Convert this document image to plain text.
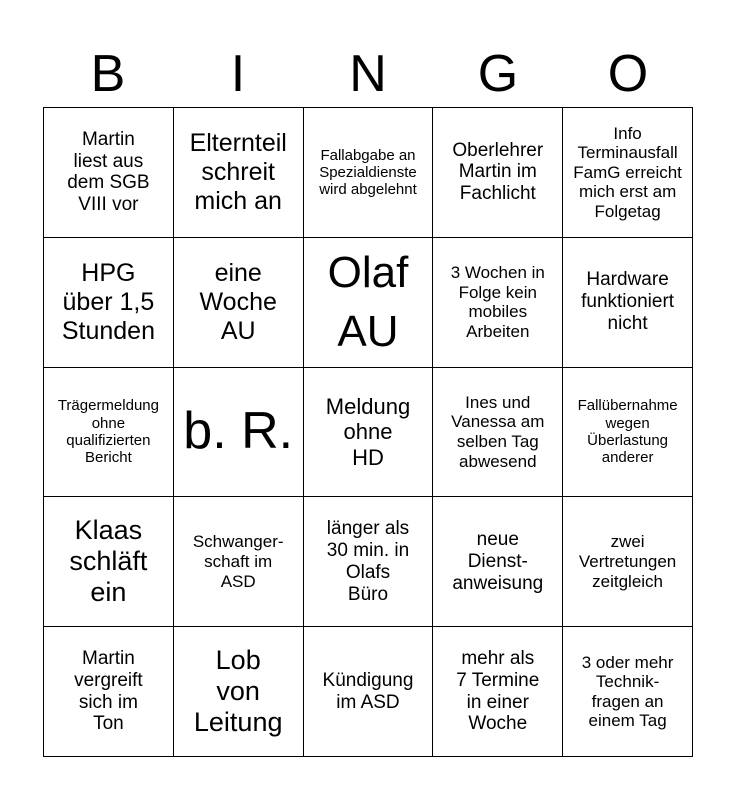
B	I	N	G	O
Martin
liest aus
dem SGB
VIII vor
Elternteil
schreit
mich an
Fallabgabe an
Spezialdienste
wird abgelehnt
Oberlehrer
Martin im
Fachlicht
Info
Terminausfall
FamG erreicht
mich erst am
Folgetag
HPG
über 1,5
Stunden
eine
Woche
AU
Olaf
AU
3 Wochen in
Folge kein
mobiles
Arbeiten
Hardware
funktioniert
nicht
Trägermeldung
ohne
qualifizierten
Bericht b. R.	Meldung
ohne
HD
Ines und
Vanessa am
selben Tag
abwesend
Fallübernahme
wegen
Überlastung
anderer
Klaas
schläft
ein
Schwanger-
schaft im
ASD
länger als
30 min. in
Olafs
Büro
neue
Dienst-
anweisung
zwei
Vertretungen
zeitgleich
Martin
vergreift
sich im
Ton
Lob
von
Leitung
Kündigung
im ASD
mehr als
7 Termine
in einer
Woche
3 oder mehr
Technik-
fragen an
einem Tag
